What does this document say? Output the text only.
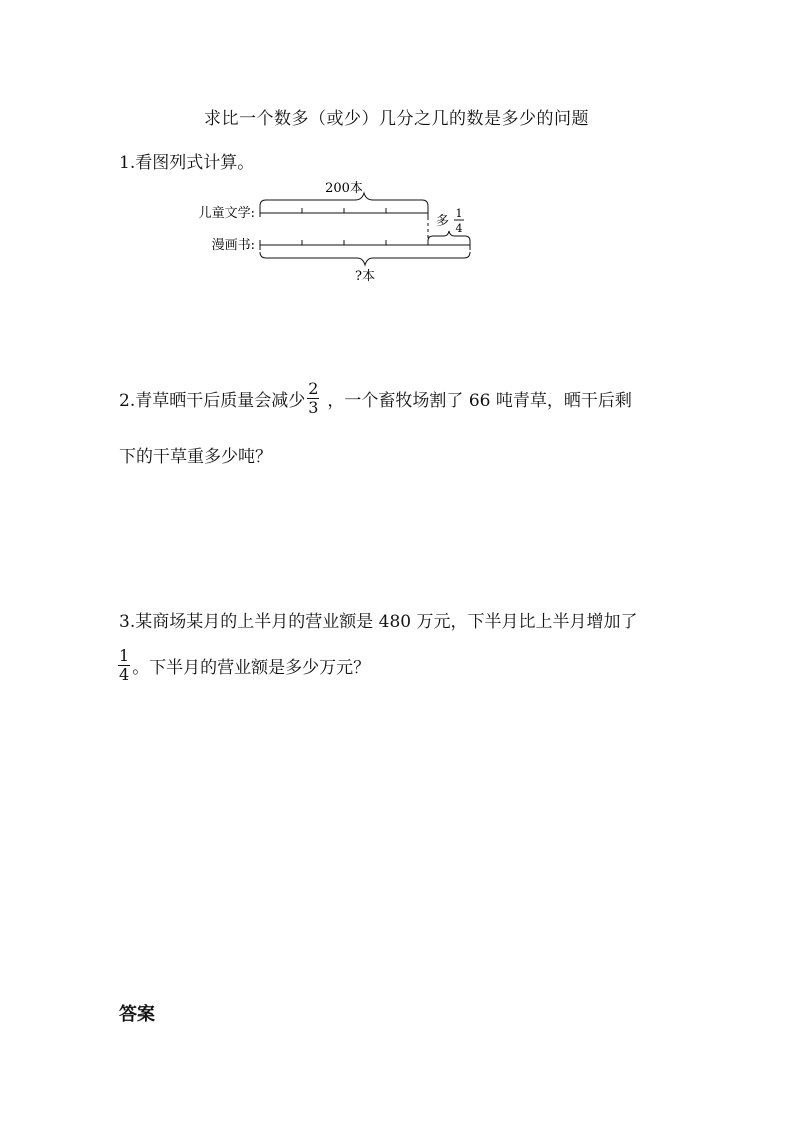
求比一个数多（或少）几分之几的数是多少的问题
1.看图列式计算。
200本
儿童文学:
多
1
4
漫画书:
?本
2.青草晒干后质量会减少 $\frac{2}{3}$ ，一个畜牧场割了 66 吨青草，晒干后剩
下的干草重多少吨？
3.某商场某月的上半月的营业额是 480 万元，下半月比上半月增加了
$\frac{1}{4}$ 。下半月的营业额是多少万元？
答案
